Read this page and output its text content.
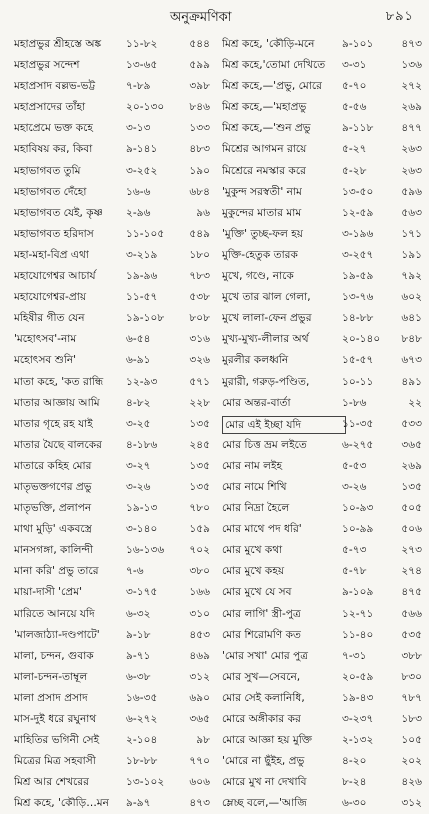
অনুক্রমণিকা	৮৯১
মহাপ্রভুর শ্রীহস্তে অঙ্ক	১১-৮২	৫৪৪
মহাপ্রভুর সন্দেশ	১৩-৬৫	৫৯৯
মহাপ্রসাদ বল্লভ-ভট্ট	৭-৮৯	৩৯৮
মহাপ্রসাদের তাঁহা	২০-১৩০	৮৪৬
মহাপ্রেমে ভক্ত কহে	৩-১৩	১৩৩
মহাবিষয় কর, কিবা	৯-১৪১	৪৮৩
মহাভাগবত তুমি	৩-২৫২	১৯০
মহাভাগবত দেঁহো	১৬-৬	৬৮৪
মহাভাগবত যেই, কৃষ্ণ	২-৯৬	৯৬
মহাভাগবত হরিদাস	১১-১০৫	৫৪৯
মহা-মহা-বিপ্র এথা	৩-২১৯	১৮০
মহাযোগেশ্বর আচার্য	১৯-৯৬	৭৮৩
মহাযোগেশ্বর-প্রায়	১১-৫৭	৫৩৮
মহিষীর গীত যেন	১৯-১০৮	৮০৮
'মহোৎসব'-নাম	৬-৫৪	৩১৬
মহোৎসব শুনি'	৬-৯১	৩২৬
মাতা কহে, 'কত রান্ধি	১২-৯৩	৫৭১
মাতার আজ্ঞায় আমি	৪-৮২	২২৮
মাতার গৃহে রহ যাই	৩-২৫	১৩৫
মাতার যৈছে বালকের	৪-১৮৬	২৪৫
মাতারে কহিহ মোর	৩-২৭	১৩৫
মাতৃভক্তগণের প্রভু	৩-২৬	১৩৫
মাতৃভক্তি, প্রলাপন	১৯-১৩	৭৮০
মাথা মুড়ি' একবস্ত্রে	৩-১৪০	১৫৯
মানসগঙ্গা, কালিন্দী	১৬-১৩৬	৭০২
মানা করি' প্রভু তারে	৭-৬	৩৮০
মায়া-দাসী 'প্রেম'	৩-১৭৫	১৬৬
মারিতে আনয়ে যদি	৬-৩২	৩১০
'মালজাঠ্যা-দণ্ডপাটে'	৯-১৮	৪৫৩
মালা, চন্দন, গুবাক	৯-৭১	৪৬৯
মালা-চন্দন-তাম্বূল	৬-৩৮	৩১২
মালা প্রসাদ প্রসাদ	১৬-৩৫	৬৯০
মাস-দুই ধরে রঘুনাথ	৬-২৭২	৩৬৫
মাহিতির ভগিনী সেই	২-১০৪	৯৮
মিত্রের মিত্র সহবাসী	১৮-৮৮	৭৭০
মিশ্র আর শেখরের	১৩-১০২	৬০৬
মিশ্র কহে, 'কৌড়ি…মন	৯-৯৭	৪৭৩
মিশ্র কহে, 'কৌড়ি-মনে	৯-১০১	৪৭৩
মিশ্র কহে,'তোমা দেখিতে	৩-৩১	১৩৬
মিশ্র কহে,—'প্রভু, মোরে	৫-৭০	২৭২
মিশ্র কহে,—'মহাপ্রভু	৫-৫৬	২৬৯
মিশ্র কহে,—'শুন প্রভু	৯-১১৮	৪৭৭
মিশ্রের আগমন রায়ে	৫-২৭	২৬৩
মিশ্রেরে নমস্কার করে	৫-২৮	২৬৩
'মুকুন্দ সরস্বতী' নাম	১৩-৫০	৫৯৬
মুকুন্দের মাতার মাম	১২-৫৯	৫৬৩
'মুক্তি' তুচ্ছ-ফল হয়	৩-১৯৬	১৭১
মুক্তি-হেতুক তারক	৩-২৫৭	১৯১
মুখে, গণ্ডে, নাকে	১৯-৫৯	৭৯২
মুখে তার ঝাল গেলা,	১৩-৭৬	৬০২
মুখে লালা-ফেন প্রভুর	১৪-৮৮	৬৪১
মুখ্য-মুখ্য-লীলার অর্থ	২০-১৪০	৮৪৮
মুরলীর কলধ্বনি	১৫-৫৭	৬৭৩
মুরারী, গরুড়-পণ্ডিত,	১০-১১	৪৯১
মোর অন্তর-বার্তা	১-৮৬	২২
মোর এই ইচ্ছা যদি	১১-৩৫	৫৩৩
মোর চিত্ত ভ্রম লইতে	৬-২৭৫	৩৬৫
মোর নাম লইহ	৫-৫৩	২৬৯
মোর নামে শিখি	৩-২৬	১৩৫
মোর নিদ্রা হৈলে	১০-৯৩	৫০৫
মোর মাথে পদ ধরি'	১০-৯৯	৫০৬
মোর মুখে কথা	৫-৭৩	২৭৩
মোর মুখে কহয়	৫-৭৮	২৭৪
মোর মুখে যে সব	৯-১০৯	৪৭৫
মোর লাগি' স্ত্রী-পুত্র	১২-৭১	৫৬৬
মোর শিরোমণি কত	১১-৪০	৫৩৫
'মোর সখা' মোর পুত্র	৭-৩১	৩৮৮
মোর সুখ—সেবনে,	২০-৫৯	৮৩০
মোর সেই কলানিধি,	১৯-৪৩	৭৮৭
মোরে অঙ্গীকার কর	৩-২৩৭	১৮৩
মোরে আজ্ঞা হয় মুক্তি	২-১৩২	১০৫
'মোরে না ছুঁইহ, প্রভু	৪-২০	২০২
মোরে মুখ না দেখাবি	৮-২৪	৪২৬
ম্লেচ্ছ বলে,—'আজি	৬-৩০	৩১২
